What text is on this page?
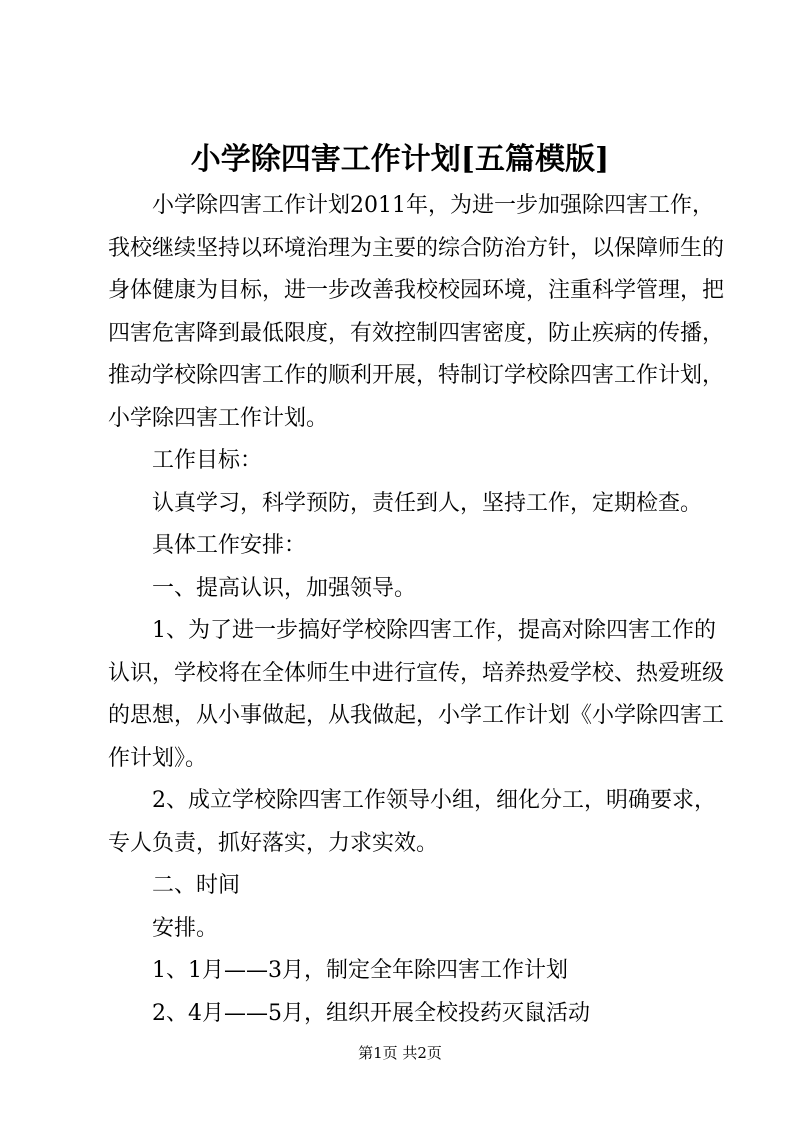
小学除四害工作计划[五篇模版]
小学除四害工作计划2011年，为进一步加强除四害工作，
我校继续坚持以环境治理为主要的综合防治方针，以保障师生的
身体健康为目标，进一步改善我校校园环境，注重科学管理，把
四害危害降到最低限度，有效控制四害密度，防止疾病的传播，
推动学校除四害工作的顺利开展，特制订学校除四害工作计划，
小学除四害工作计划。
工作目标：
认真学习，科学预防，责任到人，坚持工作，定期检查。
具体工作安排：
一、提高认识，加强领导。
1、为了进一步搞好学校除四害工作，提高对除四害工作的
认识，学校将在全体师生中进行宣传，培养热爱学校、热爱班级
的思想，从小事做起，从我做起，小学工作计划《小学除四害工
作计划》。
2、成立学校除四害工作领导小组，细化分工，明确要求，
专人负责，抓好落实，力求实效。
二、时间
安排。
1、1月——3月，制定全年除四害工作计划
2、4月——5月，组织开展全校投药灭鼠活动
第1页 共2页
